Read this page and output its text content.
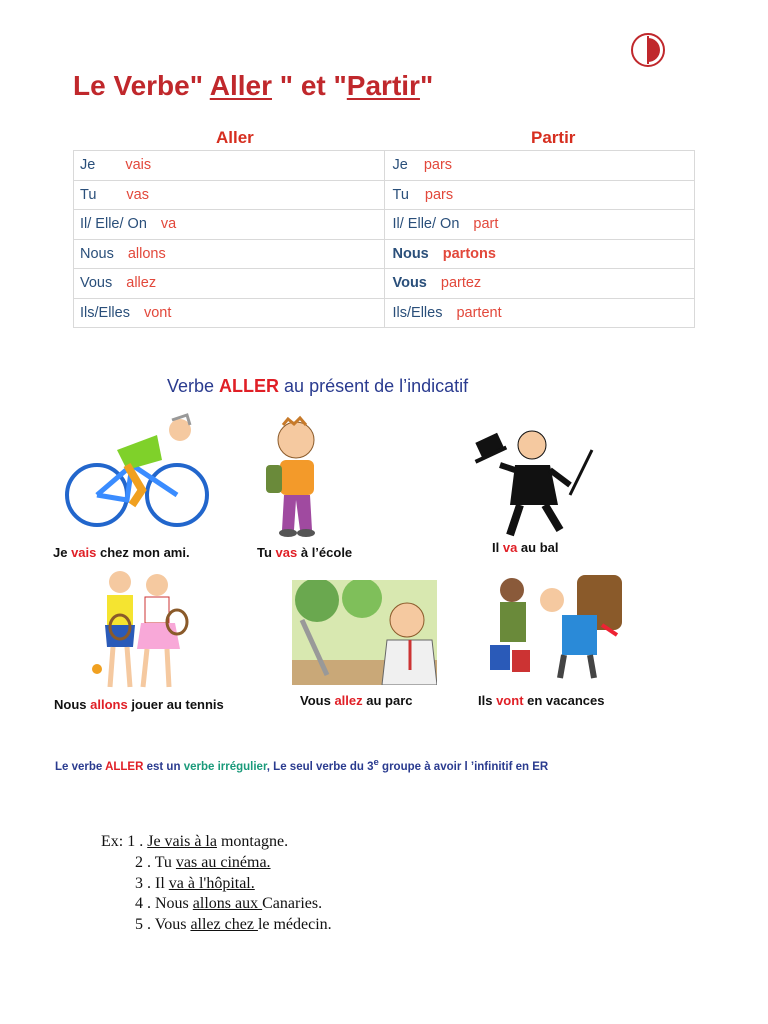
Le Verbe" Aller " et "Partir"
Aller	Partir
Je vais	Je pars

Tu vas	Tu pars

Il/ Elle/ On va	Il/ Elle/ On part

Nous allons	Nous partons

Vous allez	Vous partez

Ils/Elles vont	Ils/Elles partent
Verbe ALLER au présent de l’indicatif
Je vais chez mon ami.	Tu vas à l’école	Il va au bal
Nous allons jouer au tennis	Vous allez au parc	Ils vont en vacances
Le verbe ALLER est un verbe irrégulier, Le seul verbe du 3e groupe à avoir l ’infinitif en ER
Ex: 1 . Je vais à la montagne.
2 . Tu vas au cinéma.
3 . Il va à l'hôpital.
4 . Nous allons aux Canaries.
5 . Vous allez chez le médecin.
